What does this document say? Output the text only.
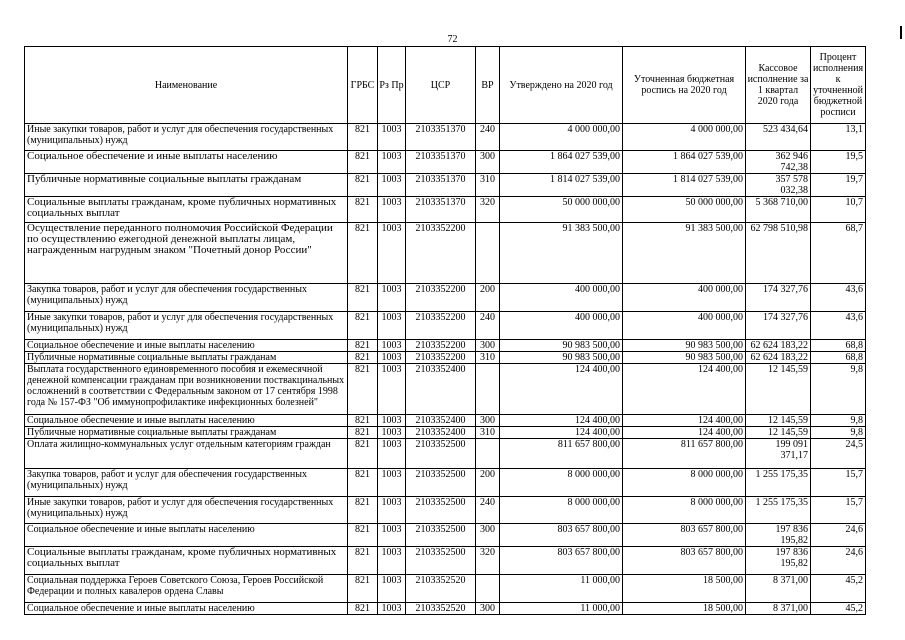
72
Наименование	ГРБС	Рз Пр	ЦСР	ВР	Утверждено на 2020 год	Уточненная бюджетная роспись на 2020 год	Кассовое исполнение за 1 квартал 2020 года	Процент исполнения к уточненной бюджетной росписи
Иные закупки товаров, работ и услуг для обеспечения государственных (муниципальных) нужд	821	1003	2103351370	240	4 000 000,00	4 000 000,00	523 434,64	13,1
Социальное обеспечение и иные выплаты населению	821	1003	2103351370	300	1 864 027 539,00	1 864 027 539,00	362 946 742,38	19,5
Публичные нормативные социальные выплаты гражданам	821	1003	2103351370	310	1 814 027 539,00	1 814 027 539,00	357 578 032,38	19,7
Социальные выплаты гражданам, кроме публичных нормативных социальных выплат	821	1003	2103351370	320	50 000 000,00	50 000 000,00	5 368 710,00	10,7
Осуществление переданного полномочия Российской Федерации по осуществлению ежегодной денежной выплаты лицам, награжденным нагрудным знаком "Почетный донор России"	821	1003	2103352200		91 383 500,00	91 383 500,00	62 798 510,98	68,7
Закупка товаров, работ и услуг для обеспечения государственных (муниципальных) нужд	821	1003	2103352200	200	400 000,00	400 000,00	174 327,76	43,6
Иные закупки товаров, работ и услуг для обеспечения государственных (муниципальных) нужд	821	1003	2103352200	240	400 000,00	400 000,00	174 327,76	43,6
Социальное обеспечение и иные выплаты населению	821	1003	2103352200	300	90 983 500,00	90 983 500,00	62 624 183,22	68,8
Публичные нормативные социальные выплаты гражданам	821	1003	2103352200	310	90 983 500,00	90 983 500,00	62 624 183,22	68,8
Выплата государственного единовременного пособия и ежемесячной денежной компенсации гражданам при возникновении поствакцинальных осложнений в соответствии с Федеральным законом от 17 сентября 1998 года № 157-ФЗ "Об иммунопрофилактике инфекционных болезней"	821	1003	2103352400		124 400,00	124 400,00	12 145,59	9,8
Социальное обеспечение и иные выплаты населению	821	1003	2103352400	300	124 400,00	124 400,00	12 145,59	9,8
Публичные нормативные социальные выплаты гражданам	821	1003	2103352400	310	124 400,00	124 400,00	12 145,59	9,8
Оплата жилищно-коммунальных услуг отдельным категориям граждан	821	1003	2103352500		811 657 800,00	811 657 800,00	199 091 371,17	24,5
Закупка товаров, работ и услуг для обеспечения государственных (муниципальных) нужд	821	1003	2103352500	200	8 000 000,00	8 000 000,00	1 255 175,35	15,7
Иные закупки товаров, работ и услуг для обеспечения государственных (муниципальных) нужд	821	1003	2103352500	240	8 000 000,00	8 000 000,00	1 255 175,35	15,7
Социальное обеспечение и иные выплаты населению	821	1003	2103352500	300	803 657 800,00	803 657 800,00	197 836 195,82	24,6
Социальные выплаты гражданам, кроме публичных нормативных социальных выплат	821	1003	2103352500	320	803 657 800,00	803 657 800,00	197 836 195,82	24,6
Социальная поддержка Героев Советского Союза, Героев Российской Федерации и полных кавалеров ордена Славы	821	1003	2103352520		11 000,00	18 500,00	8 371,00	45,2
Социальное обеспечение и иные выплаты населению	821	1003	2103352520	300	11 000,00	18 500,00	8 371,00	45,2
